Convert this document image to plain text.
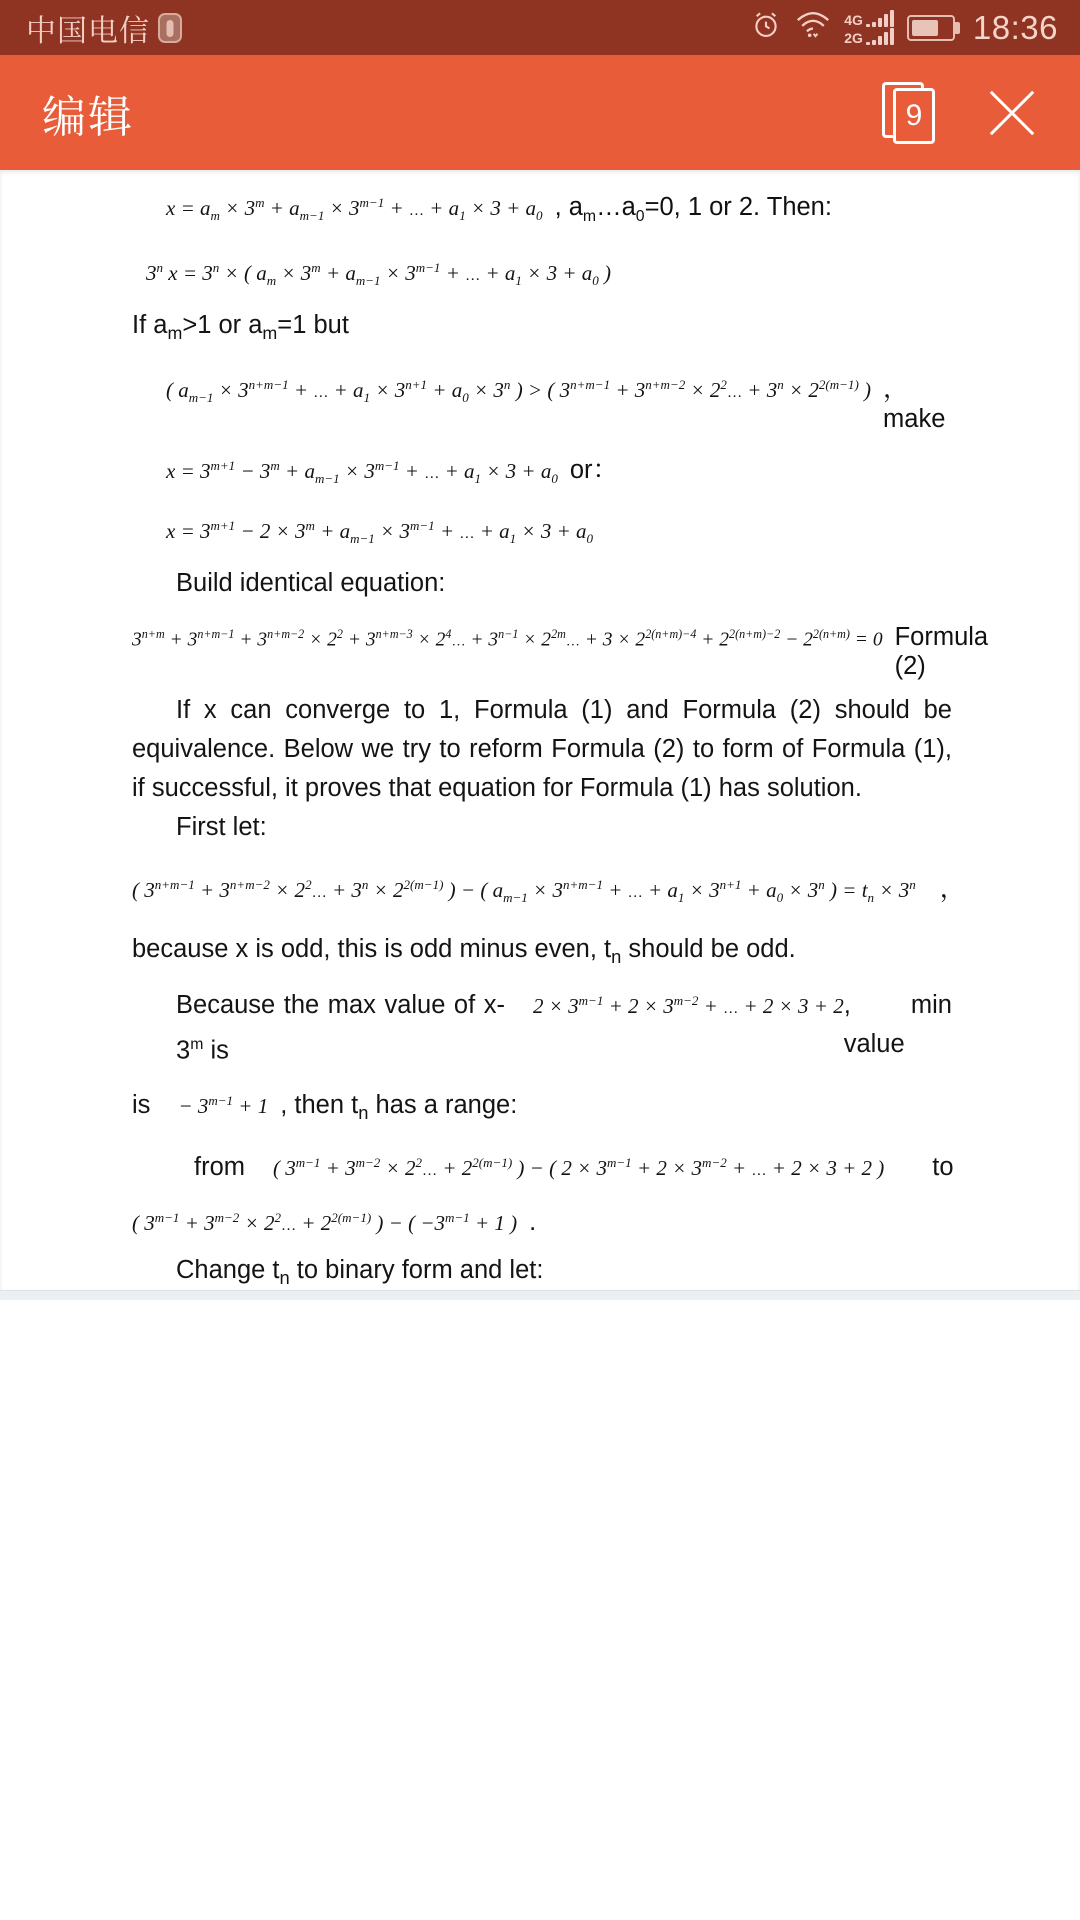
中国电信	4G
2G	18:36
编辑	9
$x = a_m \times 3^m + a_{m-1} \times 3^{m-1}$ + … + $a_1 \times 3 + a_0$ , $a_m\dots a_0=0$, 1 or 2. Then:
3$^n$ $x = 3^n$ × ( $a_m \times 3^m + a_{m-1} \times 3^{m-1}$ + … + $a_1 \times 3 + a_0$ )
If $a_m>1$ or $a_m=1$ but
( $a_{m-1} \times 3^{n+m-1}$ + … + $a_1 \times 3^{n+1} + a_0 \times 3^n$ ) > ( $3^{n+m-1} + 3^{n+m-2}$ × $2^2\dots + 3^n \times 2^{2(m-1)}$ ) ，make
$x = 3^{m+1} - 3^m + a_{m-1} \times 3^{m-1}$ + … + $a_1 \times 3 + a_0$ or：
$x = 3^{m+1} - 2 \times 3^m + a_{m-1} \times 3^{m-1}$ + … + $a_1 \times 3 + a_0$
Build identical equation:
$3^{n+m} + 3^{n+m-1} + 3^{n+m-2} \times 2^2 + 3^{n+m-3}$ × $2^4\dots + 3^{n-1}$ × $2^{2m}\dots + 3 \times 2^{2(n+m)-4} + 2^{2(n+m)-2} - 2^{2(n+m)} = 0$ Formula (2)
If x can converge to 1, Formula (1) and Formula (2) should be equivalence. Below we try to reform Formula (2) to form of Formula (1), if successful, it proves that equation for Formula (1) has solution.
First let:
( $3^{n+m-1} + 3^{n+m-2}$ × $2^2\dots + 3^n \times 2^{2(m-1)}$ ) − ( $a_{m-1} \times 3^{n+m-1}$ + … + $a_1 \times 3^{n+1} + a_0 \times 3^n$ ) = $t_n \times 3^n$ ，
because x is odd, this is odd minus even, $t_n$ should be odd.
Because the max value of x-3$^m$ is
$2 \times 3^{m-1} + 2 \times 3^{m-2}$ + … + 2 × 3 + 2 , min value
is − $3^{m-1} + 1$ , then $t_n$ has a range:
from ( $3^{m-1} + 3^{m-2}$ × $2^2\dots + 2^{2(m-1)}$ ) − ( $2 \times 3^{m-1} + 2 \times 3^{m-2}$ + … + 2 × 3 + 2 ) to
( $3^{m-1} + 3^{m-2}$ × $2^2\dots + 2^{2(m-1)}$ ) − ( $-3^{m-1} + 1$ ) .
Change $t_n$ to binary form and let:
